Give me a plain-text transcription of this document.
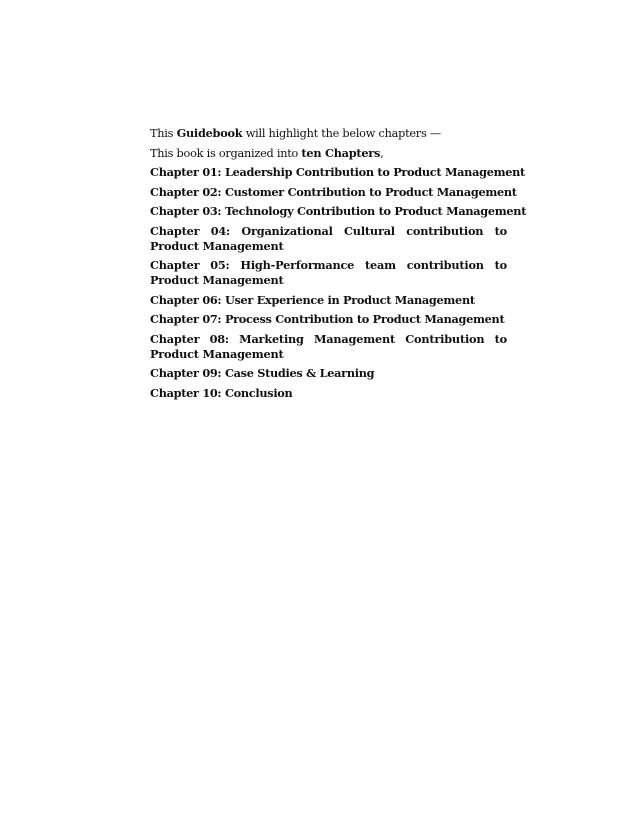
This Guidebook will highlight the below chapters —

This book is organized into ten Chapters,

Chapter 01: Leadership Contribution to Product Management

Chapter 02: Customer Contribution to Product Management

Chapter 03: Technology Contribution to Product Management

Chapter 04: Organizational Cultural contribution to Product Management

Chapter 05: High-Performance team contribution to Product Management

Chapter 06: User Experience in Product Management

Chapter 07: Process Contribution to Product Management

Chapter 08: Marketing Management Contribution to Product Management

Chapter 09: Case Studies & Learning

Chapter 10: Conclusion
